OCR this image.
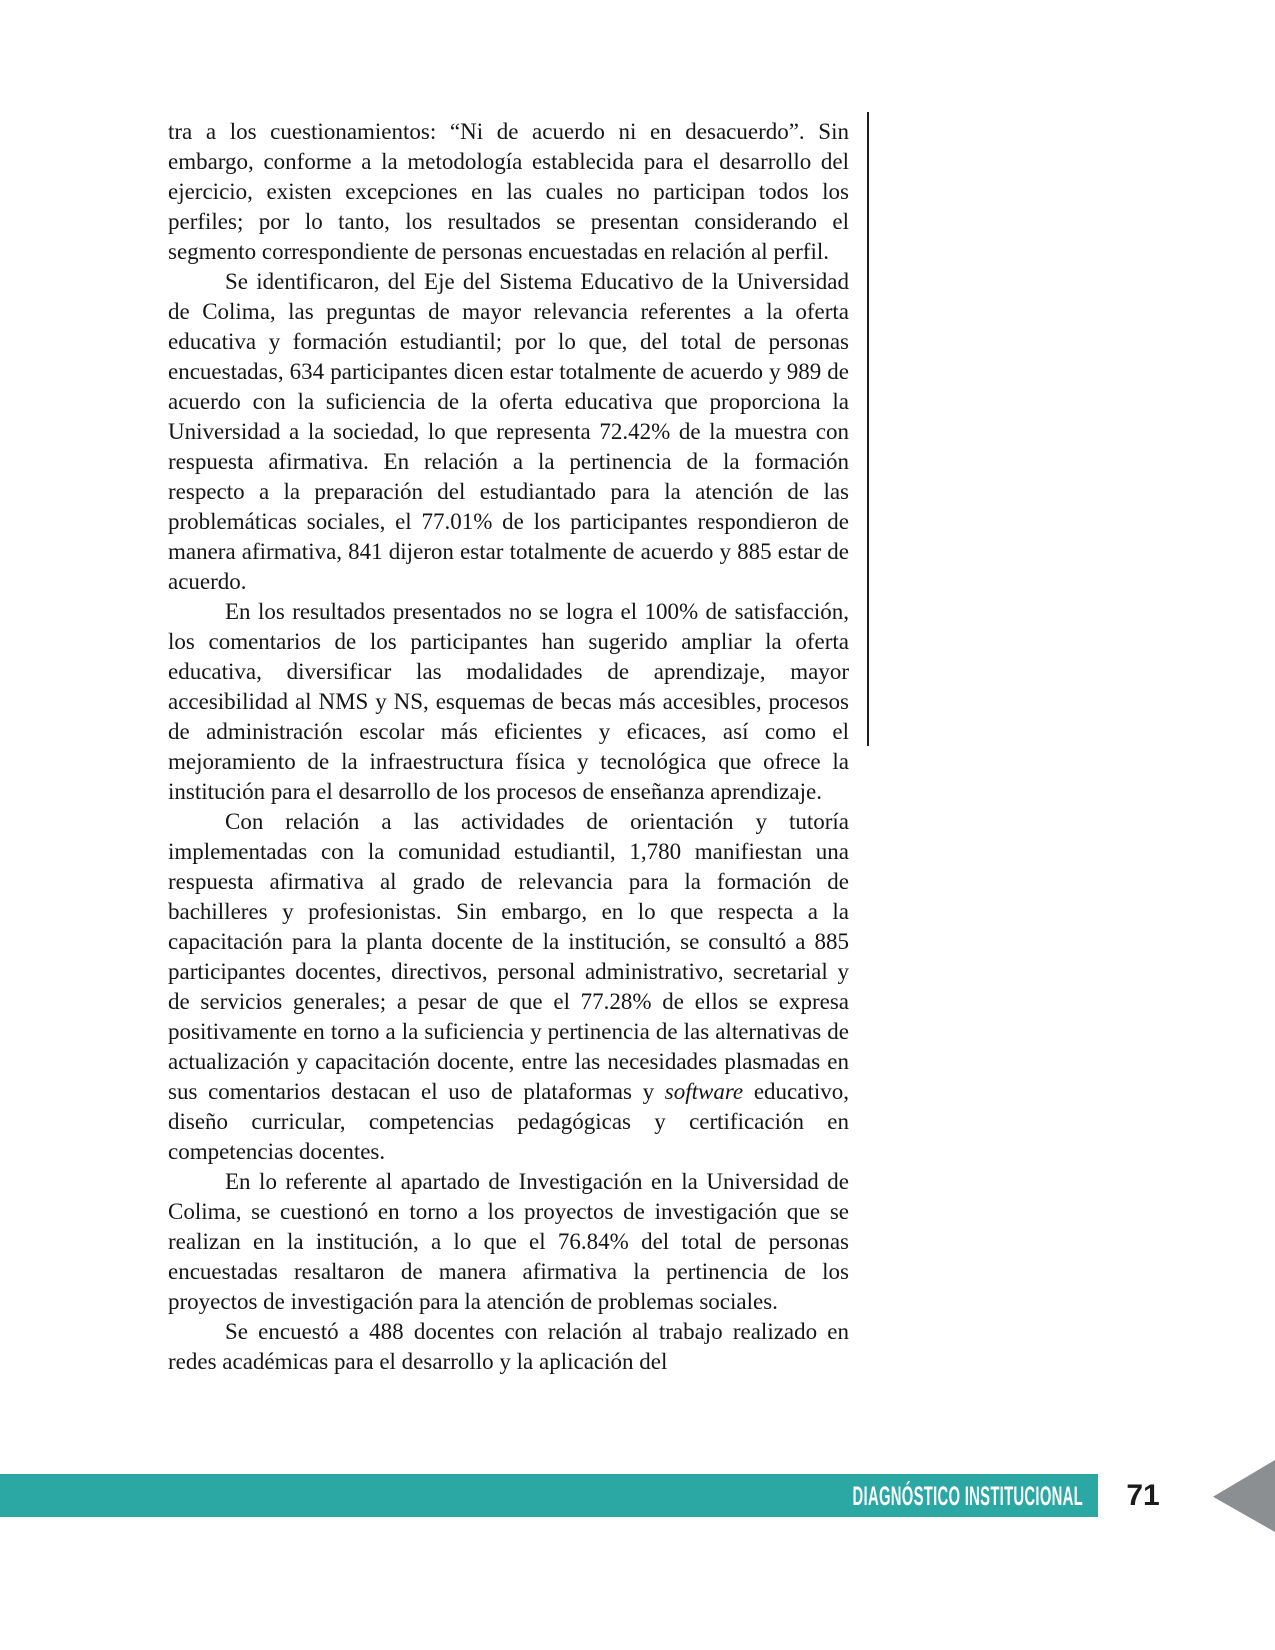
tra a los cuestionamientos: “Ni de acuerdo ni en desacuerdo”. Sin embargo, conforme a la metodología establecida para el desarrollo del ejercicio, existen excepciones en las cuales no participan todos los perfiles; por lo tanto, los resultados se presentan considerando el segmento correspondiente de personas encuestadas en relación al perfil.

Se identificaron, del Eje del Sistema Educativo de la Universidad de Colima, las preguntas de mayor relevancia referentes a la oferta educativa y formación estudiantil; por lo que, del total de personas encuestadas, 634 participantes dicen estar totalmente de acuerdo y 989 de acuerdo con la suficiencia de la oferta educativa que proporciona la Universidad a la sociedad, lo que representa 72.42% de la muestra con respuesta afirmativa. En relación a la pertinencia de la formación respecto a la preparación del estudiantado para la atención de las problemáticas sociales, el 77.01% de los participantes respondieron de manera afirmativa, 841 dijeron estar totalmente de acuerdo y 885 estar de acuerdo.

En los resultados presentados no se logra el 100% de satisfacción, los comentarios de los participantes han sugerido ampliar la oferta educativa, diversificar las modalidades de aprendizaje, mayor accesibilidad al NMS y NS, esquemas de becas más accesibles, procesos de administración escolar más eficientes y eficaces, así como el mejoramiento de la infraestructura física y tecnológica que ofrece la institución para el desarrollo de los procesos de enseñanza aprendizaje.

Con relación a las actividades de orientación y tutoría implementadas con la comunidad estudiantil, 1,780 manifiestan una respuesta afirmativa al grado de relevancia para la formación de bachilleres y profesionistas. Sin embargo, en lo que respecta a la capacitación para la planta docente de la institución, se consultó a 885 participantes docentes, directivos, personal administrativo, secretarial y de servicios generales; a pesar de que el 77.28% de ellos se expresa positivamente en torno a la suficiencia y pertinencia de las alternativas de actualización y capacitación docente, entre las necesidades plasmadas en sus comentarios destacan el uso de plataformas y software educativo, diseño curricular, competencias pedagógicas y certificación en competencias docentes.

En lo referente al apartado de Investigación en la Universidad de Colima, se cuestionó en torno a los proyectos de investigación que se realizan en la institución, a lo que el 76.84% del total de personas encuestadas resaltaron de manera afirmativa la pertinencia de los proyectos de investigación para la atención de problemas sociales.

Se encuestó a 488 docentes con relación al trabajo realizado en redes académicas para el desarrollo y la aplicación del

DIAGNÓSTICO INSTITUCIONAL	71
